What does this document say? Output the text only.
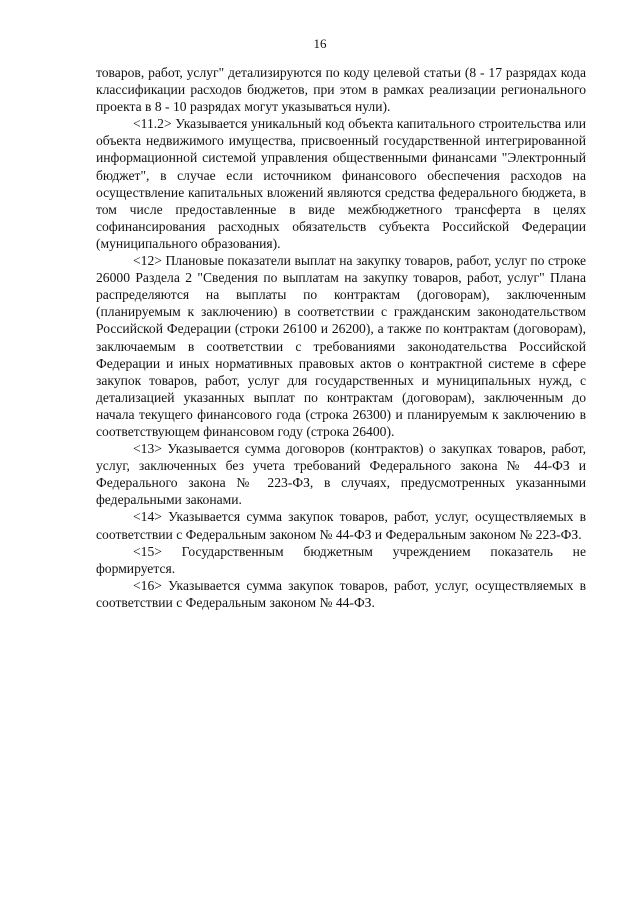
16

товаров, работ, услуг" детализируются по коду целевой статьи (8 - 17 разрядах кода классификации расходов бюджетов, при этом в рамках реализации регионального проекта в 8 - 10 разрядах могут указываться нули).

<11.2> Указывается уникальный код объекта капитального строительства или объекта недвижимого имущества, присвоенный государственной интегрированной информационной системой управления общественными финансами "Электронный бюджет", в случае если источником финансового обеспечения расходов на осуществление капитальных вложений являются средства федерального бюджета, в том числе предоставленные в виде межбюджетного трансферта в целях софинансирования расходных обязательств субъекта Российской Федерации (муниципального образования).

<12> Плановые показатели выплат на закупку товаров, работ, услуг по строке 26000 Раздела 2 "Сведения по выплатам на закупку товаров, работ, услуг" Плана распределяются на выплаты по контрактам (договорам), заключенным (планируемым к заключению) в соответствии с гражданским законодательством Российской Федерации (строки 26100 и 26200), а также по контрактам (договорам), заключаемым в соответствии с требованиями законодательства Российской Федерации и иных нормативных правовых актов о контрактной системе в сфере закупок товаров, работ, услуг для государственных и муниципальных нужд, с детализацией указанных выплат по контрактам (договорам), заключенным до начала текущего финансового года (строка 26300) и планируемым к заключению в соответствующем финансовом году (строка 26400).

<13> Указывается сумма договоров (контрактов) о закупках товаров, работ, услуг, заключенных без учета требований Федерального закона № 44-ФЗ и Федерального закона № 223-ФЗ, в случаях, предусмотренных указанными федеральными законами.

<14> Указывается сумма закупок товаров, работ, услуг, осуществляемых в соответствии с Федеральным законом № 44-ФЗ и Федеральным законом № 223-ФЗ.

<15> Государственным бюджетным учреждением показатель не формируется.

<16> Указывается сумма закупок товаров, работ, услуг, осуществляемых в соответствии с Федеральным законом № 44-ФЗ.
